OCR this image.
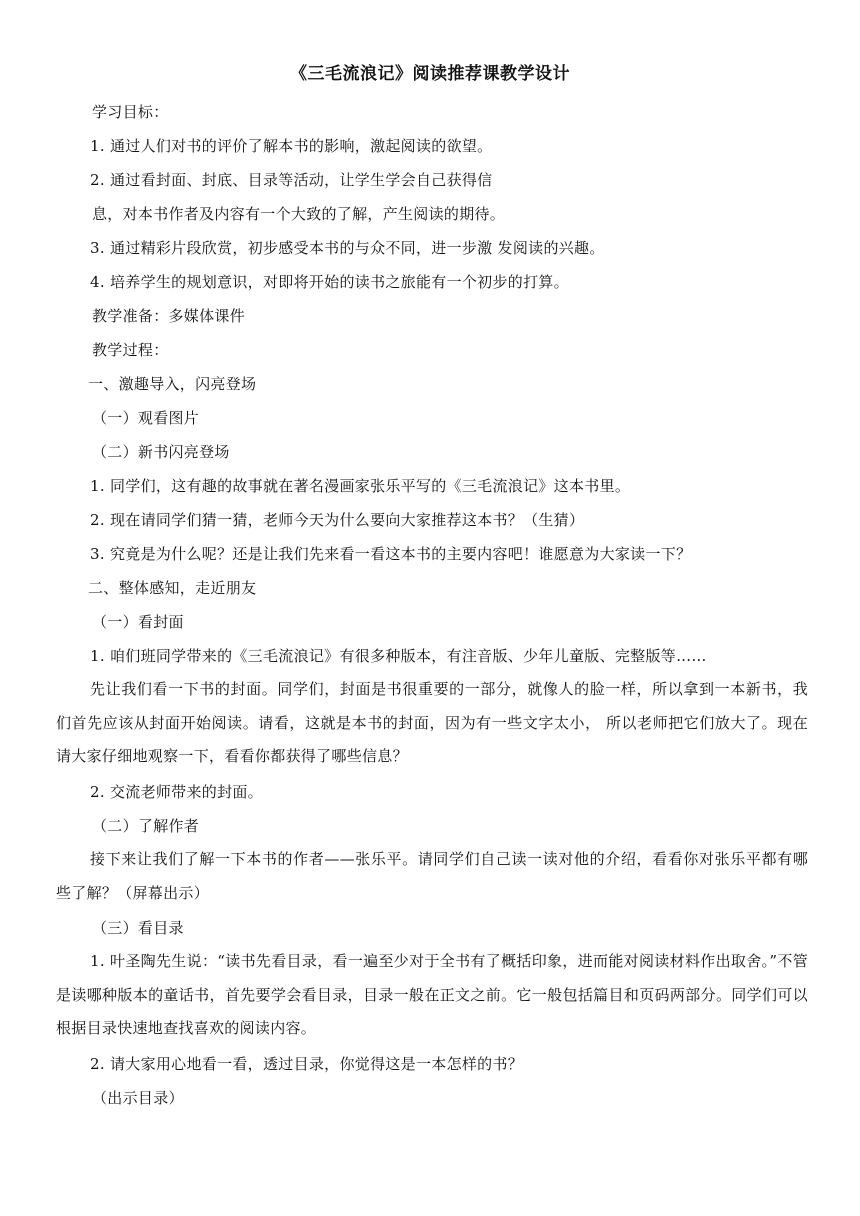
《三毛流浪记》阅读推荐课教学设计
学习目标：
1. 通过人们对书的评价了解本书的影响，激起阅读的欲望。
2. 通过看封面、封底、目录等活动，让学生学会自己获得信
息，对本书作者及内容有一个大致的了解，产生阅读的期待。
3. 通过精彩片段欣赏，初步感受本书的与众不同，进一步激 发阅读的兴趣。
4. 培养学生的规划意识，对即将开始的读书之旅能有一个初步的打算。
教学准备：多媒体课件
教学过程：
一、激趣导入，闪亮登场
（一）观看图片
（二）新书闪亮登场
1. 同学们，这有趣的故事就在著名漫画家张乐平写的《三毛流浪记》这本书里。
2. 现在请同学们猜一猜，老师今天为什么要向大家推荐这本书？（生猜）
3. 究竟是为什么呢？还是让我们先来看一看这本书的主要内容吧！谁愿意为大家读一下？
二、整体感知，走近朋友
（一）看封面
1. 咱们班同学带来的《三毛流浪记》有很多种版本，有注音版、少年儿童版、完整版等……
先让我们看一下书的封面。同学们，封面是书很重要的一部分，就像人的脸一样，所以拿到一本新书，我们首先应该从封面开始阅读。请看，这就是本书的封面，因为有一些文字太小， 所以老师把它们放大了。现在请大家仔细地观察一下，看看你都获得了哪些信息？
2. 交流老师带来的封面。
（二）了解作者
接下来让我们了解一下本书的作者——张乐平。请同学们自己读一读对他的介绍，看看你对张乐平都有哪些了解？（屏幕出示）
（三）看目录
1. 叶圣陶先生说：“读书先看目录，看一遍至少对于全书有了概括印象，进而能对阅读材料作出取舍。”不管是读哪种版本的童话书，首先要学会看目录，目录一般在正文之前。它一般包括篇目和页码两部分。同学们可以根据目录快速地查找喜欢的阅读内容。
2. 请大家用心地看一看，透过目录，你觉得这是一本怎样的书？
（出示目录）
